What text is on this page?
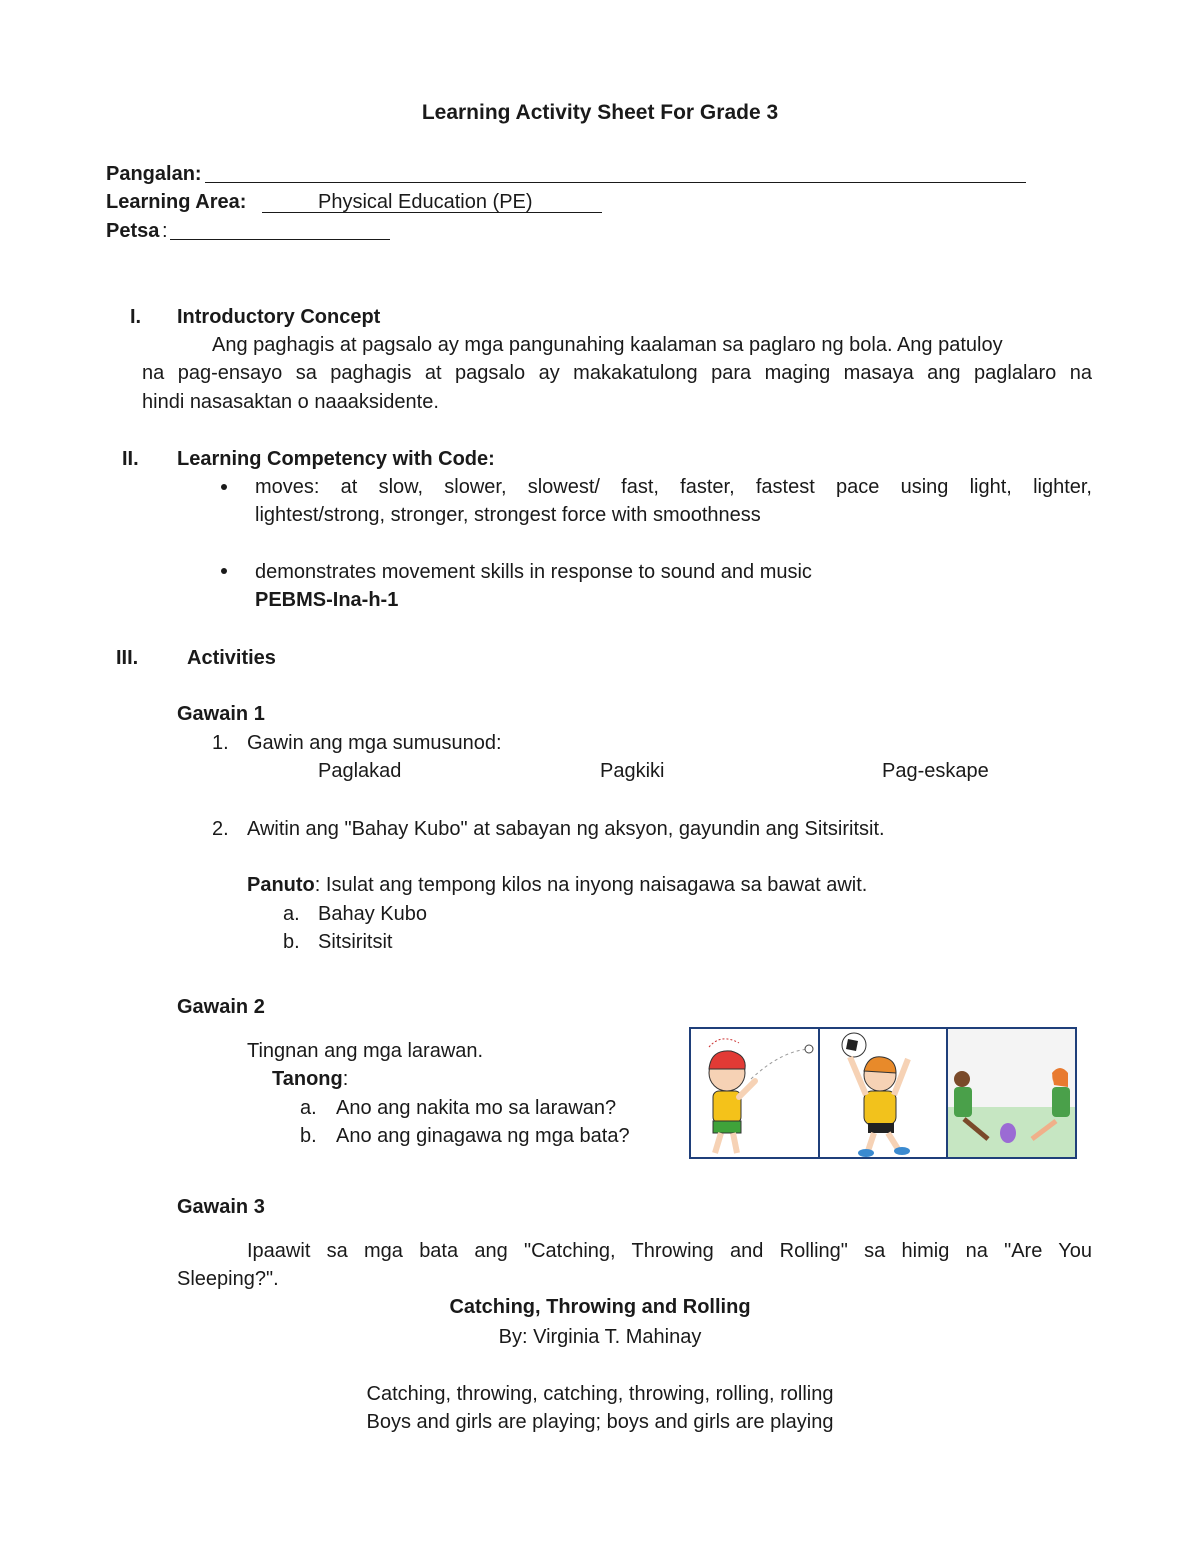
Learning Activity Sheet For Grade 3
Pangalan:
Learning Area:	Physical Education (PE)
Petsa :
I. Introductory Concept
Ang paghagis at pagsalo ay mga pangunahing kaalaman sa paglaro ng bola. Ang patuloy
na pag-ensayo sa paghagis at pagsalo ay makakatulong para maging masaya ang paglalaro na
hindi nasasaktan o naaaksidente.
II. Learning Competency with Code:
moves: at slow, slower, slowest/ fast, faster, fastest pace using light, lighter,
lightest/strong, stronger, strongest force with smoothness
demonstrates movement skills in response to sound and music
PEBMS-Ina-h-1
III. Activities
Gawain 1
1. Gawin ang mga sumusunod:
Paglakad	Pagkiki	Pag-eskape
2. Awitin ang "Bahay Kubo" at sabayan ng aksyon, gayundin ang Sitsiritsit.
Panuto: Isulat ang tempong kilos na inyong naisagawa sa bawat awit.
a. Bahay Kubo
b. Sitsiritsit
Gawain 2
Tingnan ang mga larawan.
Tanong:
a. Ano ang nakita mo sa larawan?
b. Ano ang ginagawa ng mga bata?
Gawain 3
Ipaawit sa mga bata ang "Catching, Throwing and Rolling" sa himig na "Are You
Sleeping?".
Catching, Throwing and Rolling
By: Virginia T. Mahinay
Catching, throwing, catching, throwing, rolling, rolling
Boys and girls are playing; boys and girls are playing
